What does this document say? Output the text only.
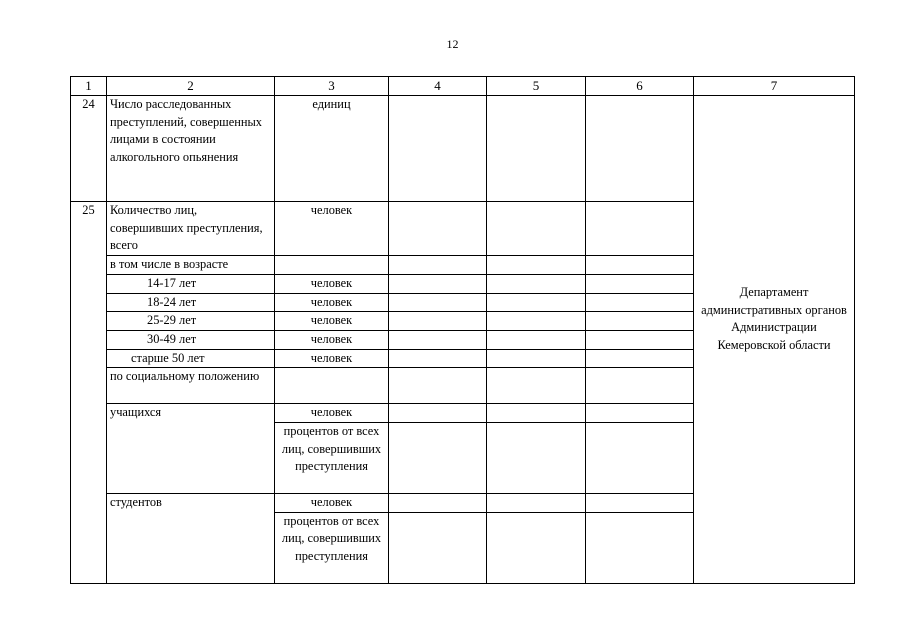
12
1	2	3	4	5	6	7
24	Число расследованных преступлений, совершенных лицами в состоянии алкогольного опьянения	единиц				Департамент административных органов Администрации Кемеровской области
25	Количество лиц, совершивших преступления, всего	человек				
	в том числе в возрасте					
	14-17 лет	человек				
	18-24 лет	человек				
	25-29 лет	человек				
	30-49 лет	человек				
	старше 50 лет	человек				
	по социальному положению					
	учащихся	человек				
		процентов от всех лиц, совершивших преступления				
	студентов	человек				
		процентов от всех лиц, совершивших преступления				
